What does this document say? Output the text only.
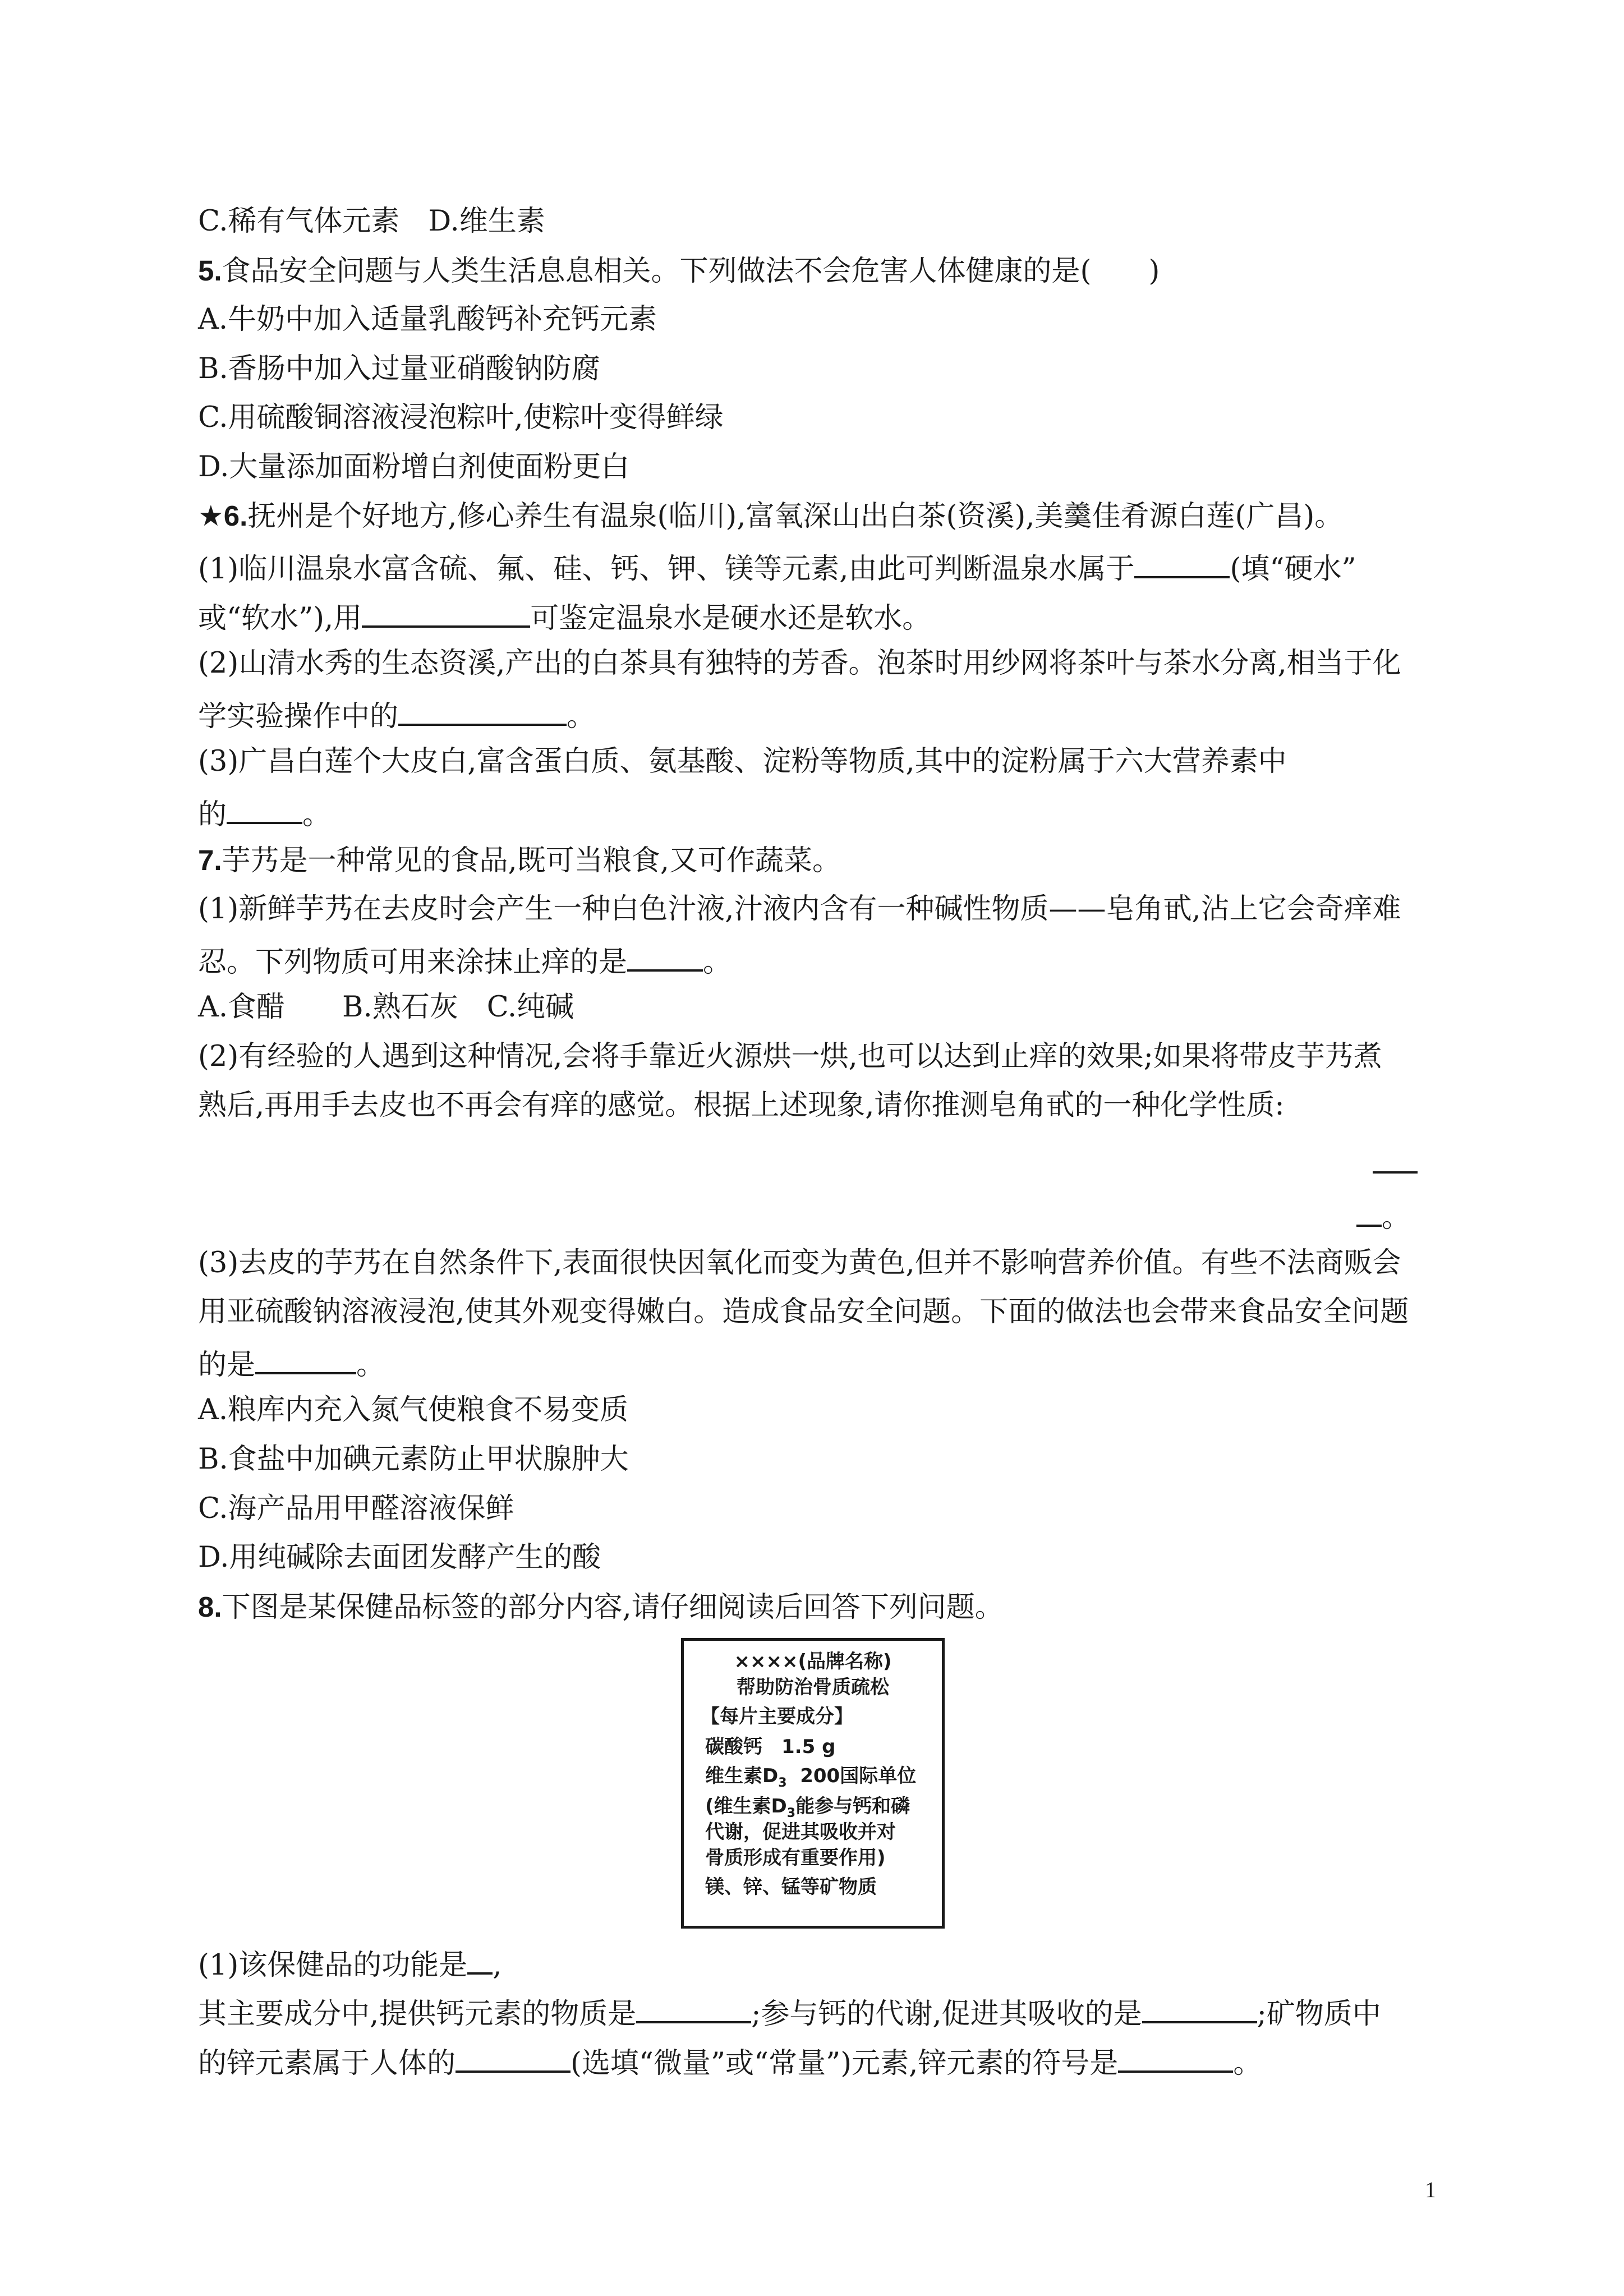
C.稀有气体元素　D.维生素
5.食品安全问题与人类生活息息相关。下列做法不会危害人体健康的是(　　)
A.牛奶中加入适量乳酸钙补充钙元素
B.香肠中加入过量亚硝酸钠防腐
C.用硫酸铜溶液浸泡粽叶,使粽叶变得鲜绿
D.大量添加面粉增白剂使面粉更白
★6.抚州是个好地方,修心养生有温泉(临川),富氧深山出白茶(资溪),美羹佳肴源白莲(广昌)。
(1)临川温泉水富含硫、氟、硅、钙、钾、镁等元素,由此可判断温泉水属于	(填“硬水”
或“软水”),用	可鉴定温泉水是硬水还是软水。
(2)山清水秀的生态资溪,产出的白茶具有独特的芳香。泡茶时用纱网将茶叶与茶水分离,相当于化
学实验操作中的	。
(3)广昌白莲个大皮白,富含蛋白质、氨基酸、淀粉等物质,其中的淀粉属于六大营养素中
的	。
7.芋艿是一种常见的食品,既可当粮食,又可作蔬菜。
(1)新鲜芋艿在去皮时会产生一种白色汁液,汁液内含有一种碱性物质——皂角甙,沾上它会奇痒难
忍。下列物质可用来涂抹止痒的是	。
A.食醋　　B.熟石灰　C.纯碱
(2)有经验的人遇到这种情况,会将手靠近火源烘一烘,也可以达到止痒的效果;如果将带皮芋艿煮
熟后,再用手去皮也不再会有痒的感觉。根据上述现象,请你推测皂角甙的一种化学性质:
。
(3)去皮的芋艿在自然条件下,表面很快因氧化而变为黄色,但并不影响营养价值。有些不法商贩会
用亚硫酸钠溶液浸泡,使其外观变得嫩白。造成食品安全问题。下面的做法也会带来食品安全问题
的是	。
A.粮库内充入氮气使粮食不易变质
B.食盐中加碘元素防止甲状腺肿大
C.海产品用甲醛溶液保鲜
D.用纯碱除去面团发酵产生的酸
8.下图是某保健品标签的部分内容,请仔细阅读后回答下列问题。
××××(品牌名称)
帮助防治骨质疏松
【每片主要成分】
碳酸钙　1.5 g
维生素$D_3$ 200国际单位
(维生素$D_3$能参与钙和磷
代谢，促进其吸收并对
骨质形成有重要作用)
镁、锌、锰等矿物质
(1)该保健品的功能是 ,
其主要成分中,提供钙元素的物质是	;参与钙的代谢,促进其吸收的是	;矿物质中
的锌元素属于人体的	(选填“微量”或“常量”)元素,锌元素的符号是	。
1
